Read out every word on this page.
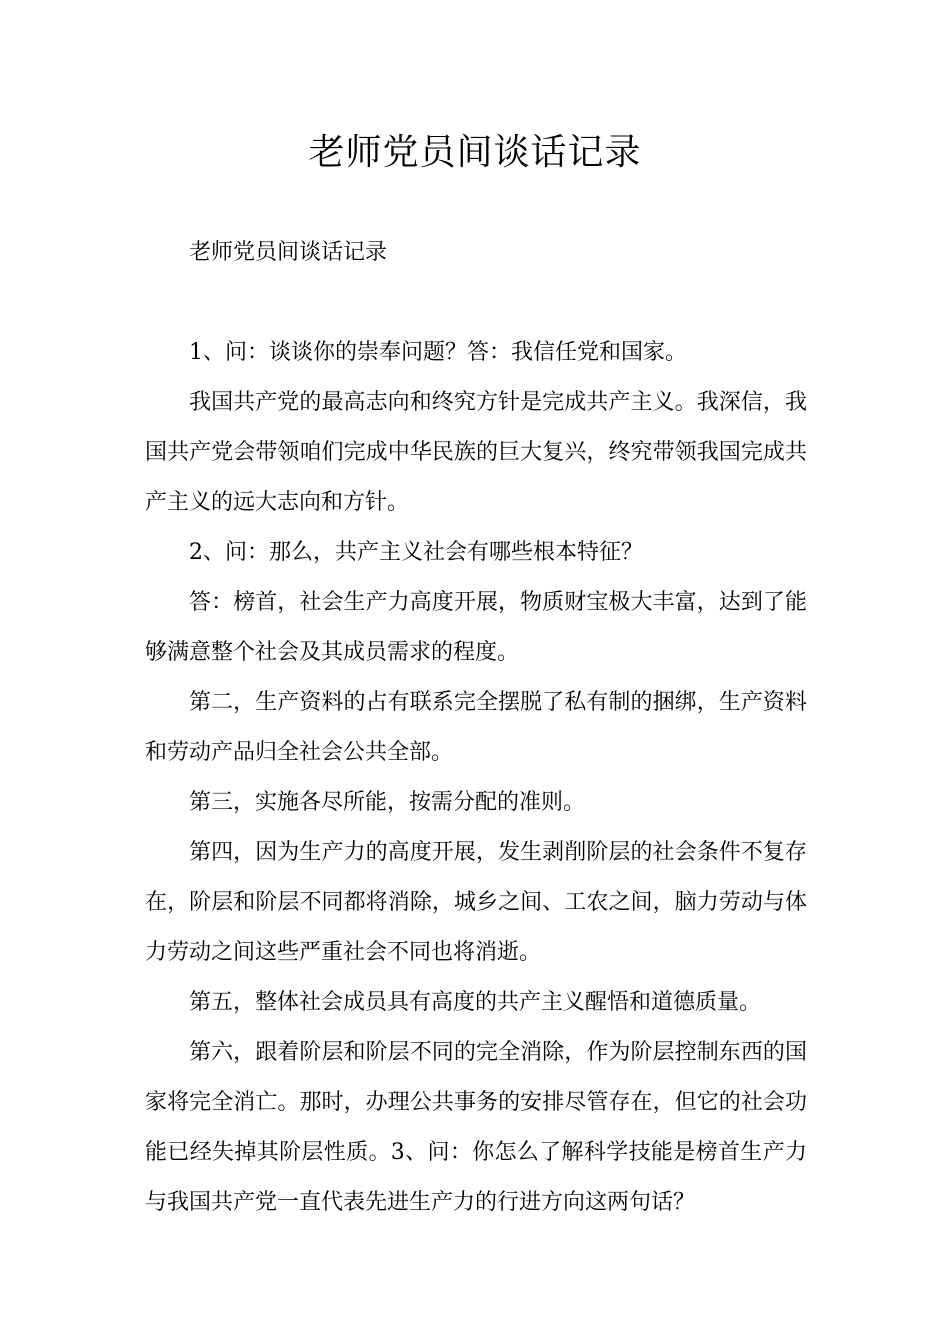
老师党员间谈话记录

老师党员间谈话记录

1、问：谈谈你的崇奉问题？答：我信任党和国家。

我国共产党的最高志向和终究方针是完成共产主义。我深信，我国共产党会带领咱们完成中华民族的巨大复兴，终究带领我国完成共产主义的远大志向和方针。

2、问：那么，共产主义社会有哪些根本特征？

答：榜首，社会生产力高度开展，物质财宝极大丰富，达到了能够满意整个社会及其成员需求的程度。

第二，生产资料的占有联系完全摆脱了私有制的捆绑，生产资料和劳动产品归全社会公共全部。

第三，实施各尽所能，按需分配的准则。

第四，因为生产力的高度开展，发生剥削阶层的社会条件不复存在，阶层和阶层不同都将消除，城乡之间、工农之间，脑力劳动与体力劳动之间这些严重社会不同也将消逝。

第五，整体社会成员具有高度的共产主义醒悟和道德质量。

第六，跟着阶层和阶层不同的完全消除，作为阶层控制东西的国家将完全消亡。那时，办理公共事务的安排尽管存在，但它的社会功能已经失掉其阶层性质。3、问：你怎么了解科学技能是榜首生产力与我国共产党一直代表先进生产力的行进方向这两句话？
